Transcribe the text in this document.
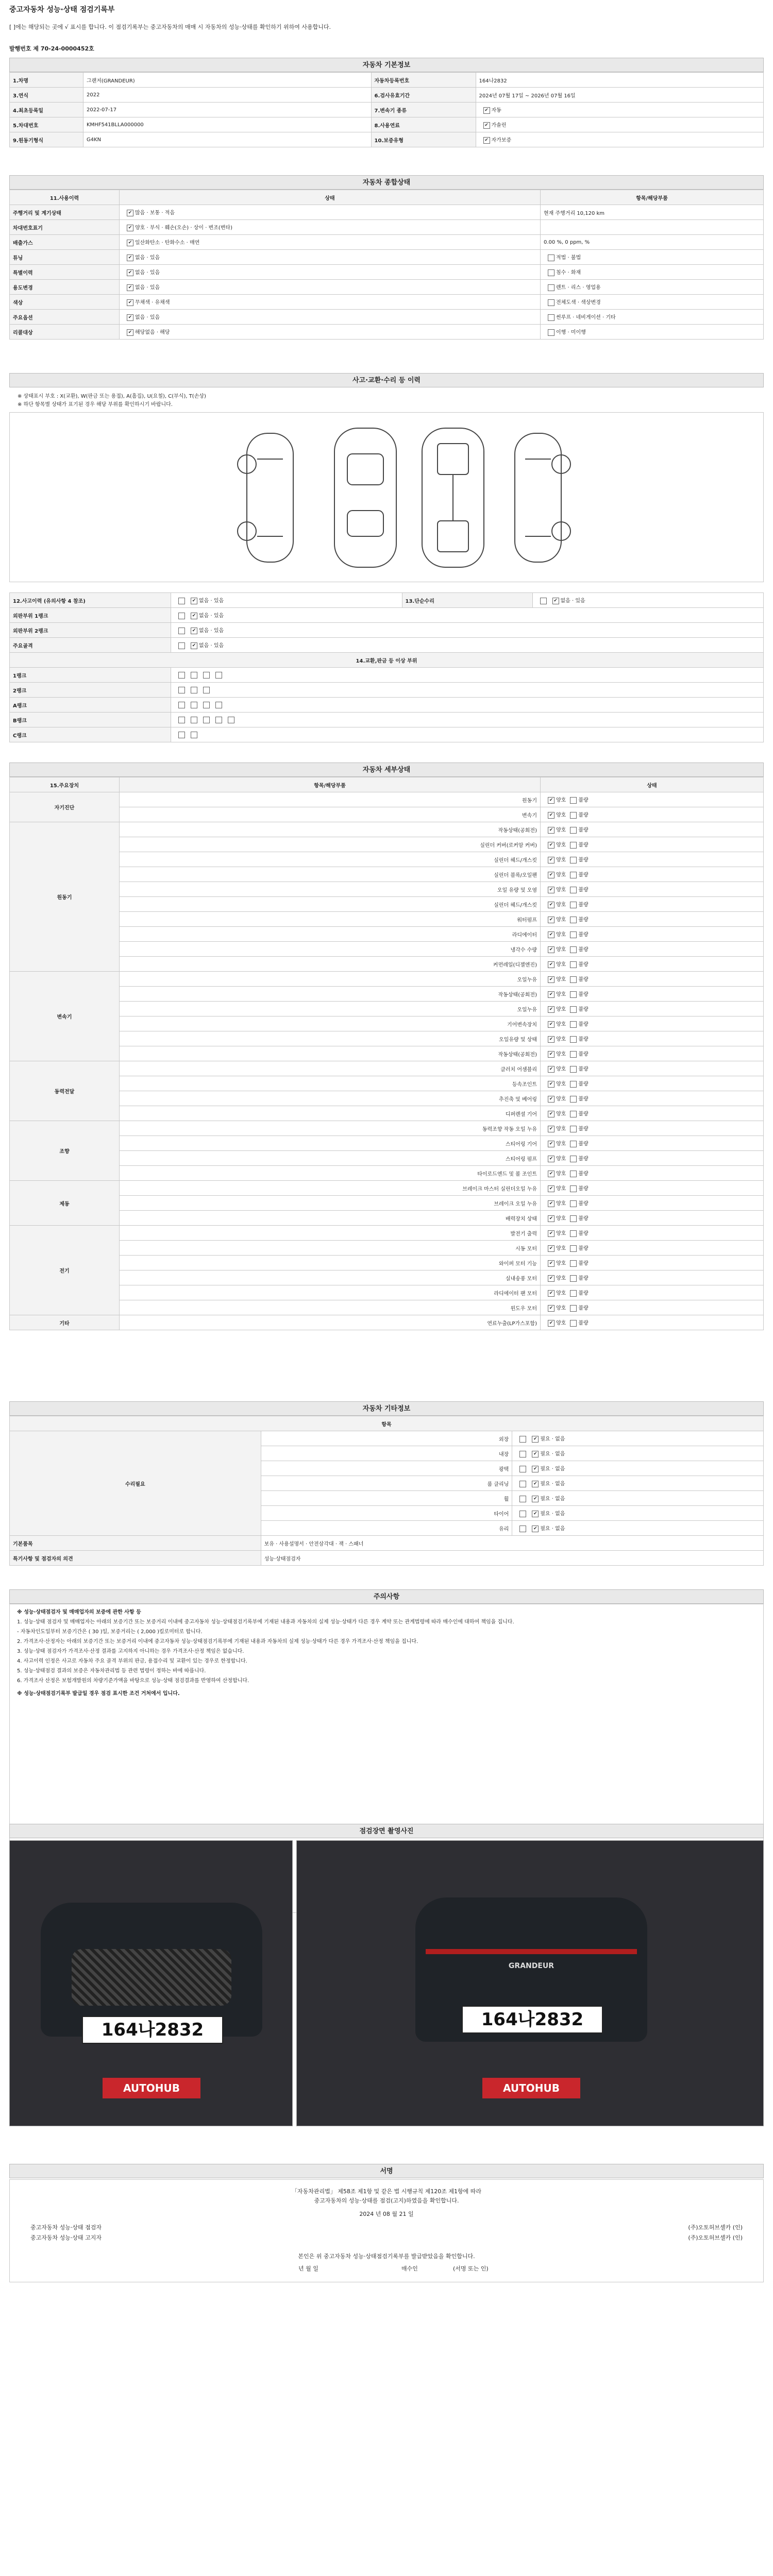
중고자동차 성능·상태 점검기록부
[ ]에는 해당되는 곳에 √ 표시를 합니다. 이 점검기록부는 중고자동차의 매매 시 자동차의 성능·상태를 확인하기 위하여 사용합니다.
발행번호 제 70-24-0000452호
자동차 기본정보
1.차명	그랜저(GRANDEUR)	자동차등록번호	164나2832
3.연식	2022	6.검사유효기간	2024년 07월 17일 ~ 2026년 07월 16일
4.최초등록일	2022-07-17	7.변속기 종류	✔자동
5.차대번호	KMHF541BLLA000000	8.사용연료	✔가솔린
9.원동기형식	G4KN	10.보증유형	✔자가보증
자동차 종합상태
11.사용이력	상태	항목/해당부품
주행거리 및 계기상태	✔많음 · 보통 · 적음	현재 주행거리 10,120 km
차대번호표기	✔양호 · 부식 · 훼손(오손) · 상이 · 변조(변타)	
배출가스	✔일산화탄소 · 탄화수소 · 매연	0.00 %, 0 ppm, %
튜닝	✔없음 · 있음	적법 · 불법
특별이력	✔없음 · 있음	침수 · 화재
용도변경	✔없음 · 있음	렌트 · 리스 · 영업용
색상	✔무채색 · 유채색	전체도색 · 색상변경
주요옵션	✔없음 · 있음	썬루프 · 네비게이션 · 기타
리콜대상	✔해당없음 · 해당	이행 · 미이행
사고·교환·수리 등 이력
※ 상태표시 부호 : X(교환), W(판금 또는 용접), A(흠집), U(요철), C(부식), T(손상)
※ 하단 항목별 상태가 표기된 경우 해당 부위를 확인하시기 바랍니다.
12.사고이력 (유의사항 4 참조)	✔없음 · 있음	13.단순수리	✔없음 · 있음
외판부위 1랭크	✔없음 · 있음
외판부위 2랭크	✔없음 · 있음
주요골격	✔없음 · 있음
14.교환,판금 등 이상 부위			
1랭크			
2랭크			
A랭크			
B랭크			
C랭크			
자동차 세부상태
15.주요장치	항목/해당부품	상태
자기진단	원동기	✔양호 불량
	변속기	✔양호 불량
원동기	작동상태(공회전)	✔양호 불량
	실린더 커버(로커암 커버)	✔양호 불량
	실린더 헤드/개스킷	✔양호 불량
	실린더 블록/오일팬	✔양호 불량
	오일 유량 및 오염	✔양호 불량
	실린더 헤드/개스킷	✔양호 불량
	워터펌프	✔양호 불량
	라디에이터	✔양호 불량
	냉각수 수량	✔양호 불량
	커먼레일(디젤엔진)	✔양호 불량
변속기	오일누유	✔양호 불량
	작동상태(공회전)	✔양호 불량
	오일누유	✔양호 불량
	기어변속장치	✔양호 불량
	오일유량 및 상태	✔양호 불량
	작동상태(공회전)	✔양호 불량
동력전달	클러치 어셈블리	✔양호 불량
	등속조인트	✔양호 불량
	추진축 및 베어링	✔양호 불량
	디퍼렌셜 기어	✔양호 불량
조향	동력조향 작동 오일 누유	✔양호 불량
	스티어링 기어	✔양호 불량
	스티어링 펌프	✔양호 불량
	타이로드엔드 및 볼 조인트	✔양호 불량
제동	브레이크 마스터 실린더오일 누유	✔양호 불량
	브레이크 오일 누유	✔양호 불량
	배력장치 상태	✔양호 불량
전기	발전기 출력	✔양호 불량
	시동 모터	✔양호 불량
	와이퍼 모터 기능	✔양호 불량
	실내송풍 모터	✔양호 불량
	라디에이터 팬 모터	✔양호 불량
	윈도우 모터	✔양호 불량
기타	연료누출(LP가스포함)	✔양호 불량
자동차 기타정보
항목		
수리필요	외장	✔필요 · 없음
	내장	✔필요 · 없음
	광택	✔필요 · 없음
	룸 클리닝	✔필요 · 없음
	휠	✔필요 · 없음
	타이어	✔필요 · 없음
	유리	✔필요 · 없음
기본품목	보유 · 사용설명서 · 안전삼각대 · 잭 · 스패너	
특기사항 및 점검자의 의견	성능·상태점검자	
주의사항

※ 성능·상태점검자 및 매매업자의 보증에 관한 사항 등

1. 성능·상태 점검자 및 매매업자는 아래의 보증기간 또는 보증거리 이내에 중고자동차 성능·상태점검기록부에 기재된 내용과 자동차의 실제 성능·상태가 다른 경우 계약 또는 관계법령에 따라 매수인에 대하여 책임을 집니다.

- 자동차인도일부터 보증기간은 ( 30 )일, 보증거리는 ( 2,000 )킬로미터로 합니다.

2. 가격조사·산정자는 아래의 보증기간 또는 보증거리 이내에 중고자동차 성능·상태점검기록부에 기재된 내용과 자동차의 실제 성능·상태가 다른 경우 가격조사·산정 책임을 집니다.

3. 성능·상태 점검자가 가격조사·산정 결과를 고지하지 아니하는 경우 가격조사·산정 책임은 없습니다.

4. 사고이력 인정은 사고로 자동차 주요 골격 부위의 판금, 용접수리 및 교환이 있는 경우로 한정합니다.

5. 성능·상태점검 결과의 보증은 자동차관리법 등 관련 법령이 정하는 바에 따릅니다.

6. 가격조사 산정은 보험개발원의 차량기준가액을 바탕으로 성능·상태 점검결과를 반영하여 산정합니다.

※ 성능·상태점검기록부 발급일 경우 점검 표시한 조건 거처에서 입니다.

점검장면 촬영사진
164나2832
AUTOHUB
GRANDEUR
164나2832
AUTOHUB
서명
「자동차관리법」 제58조 제1항 및 같은 법 시행규칙 제120조 제1항에 따라
중고자동차의 성능·상태를 점검(고지)하였음을 확인합니다.
2024 년 08 월 21 일
중고자동차 성능·상태 점검자	(주)오토허브셀카 (인)
중고자동차 성능·상태 고지자	(주)오토허브셀카 (인)
본인은 위 중고자동차 성능·상태점검기록부를 발급받았음을 확인합니다.
년 월 일	매수인	(서명 또는 인)
